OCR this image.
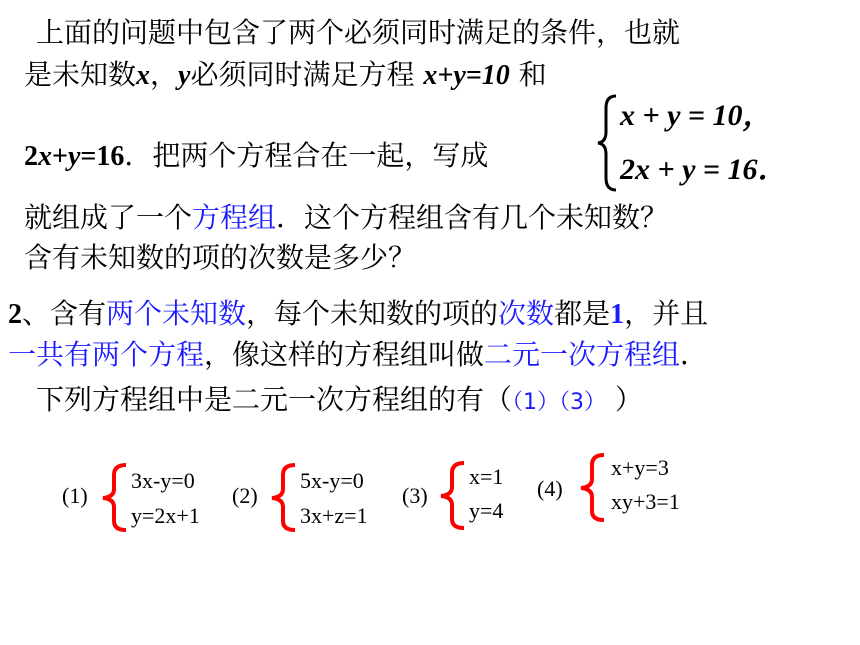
上面的问题中包含了两个必须同时满足的条件，也就
是未知数x，y必须同时满足方程 x+y=10 和
2x+y=16．把两个方程合在一起，写成
x + y = 10，
2x + y = 16．
就组成了一个方程组．这个方程组含有几个未知数？
含有未知数的项的次数是多少？
2、含有两个未知数，每个未知数的项的次数都是1，并且
一共有两个方程，像这样的方程组叫做二元一次方程组．
下列方程组中是二元一次方程组的有（（1）（3） ）
(1)
3x-y=0
y=2x+1
(2)
5x-y=0
3x+z=1
(3)
x=1
y=4
(4)
x+y=3
xy+3=1
